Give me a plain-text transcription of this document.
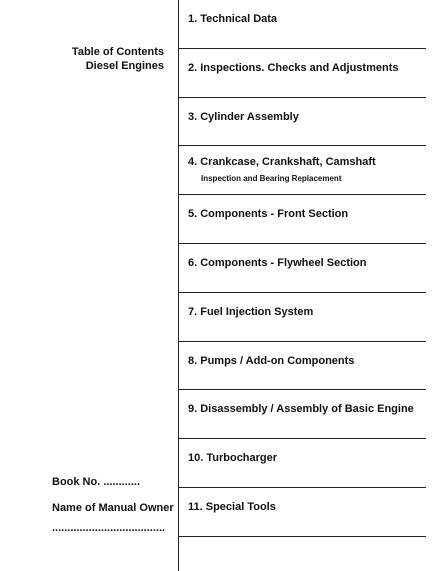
Table of Contents
Diesel Engines
Book No. ............
Name of Manual Owner
.....................................
1. Technical Data
2. Inspections. Checks and Adjustments
3. Cylinder Assembly
4. Crankcase, Crankshaft, Camshaft
Inspection and Bearing Replacement
5. Components - Front Section
6. Components - Flywheel Section
7. Fuel Injection System
8. Pumps / Add-on Components
9. Disassembly / Assembly of Basic Engine
10. Turbocharger
11. Special Tools
